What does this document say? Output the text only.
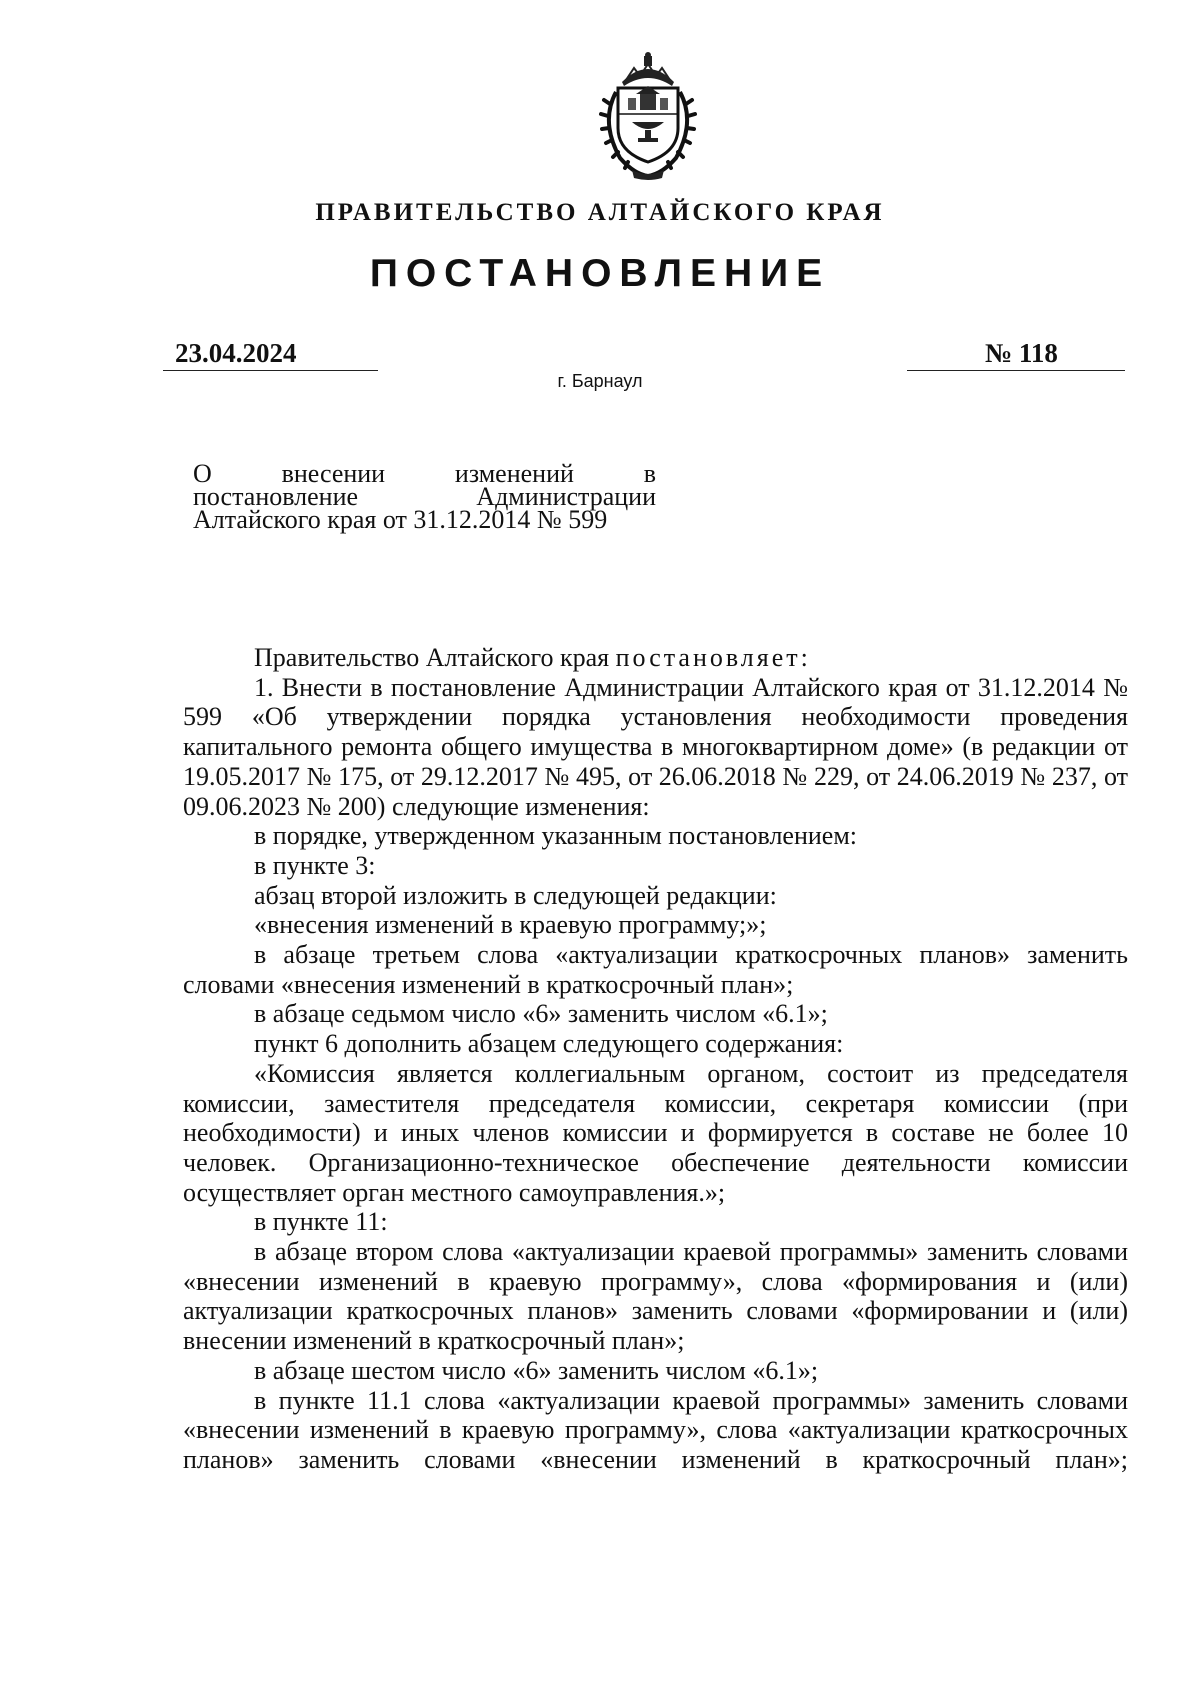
ПРАВИТЕЛЬСТВО АЛТАЙСКОГО КРАЯ
ПОСТАНОВЛЕНИЕ
23.04.2024	№ 118
г. Барнаул
О	внесении	изменений	в
постановление	Администрации
Алтайского края от 31.12.2014 № 599

Правительство Алтайского края постановляет:

1. Внести в постановление Администрации Алтайского края от 31.12.2014 № 599 «Об утверждении порядка установления необходимости проведения капитального ремонта общего имущества в многоквартирном доме» (в редакции от 19.05.2017 № 175, от 29.12.2017 № 495, от 26.06.2018 № 229, от 24.06.2019 № 237, от 09.06.2023 № 200) следующие изменения:

в порядке, утвержденном указанным постановлением:

в пункте 3:

абзац второй изложить в следующей редакции:

«внесения изменений в краевую программу;»;

в абзаце третьем слова «актуализации краткосрочных планов» заменить словами «внесения изменений в краткосрочный план»;

в абзаце седьмом число «6» заменить числом «6.1»;

пункт 6 дополнить абзацем следующего содержания:

«Комиссия является коллегиальным органом, состоит из председателя комиссии, заместителя председателя комиссии, секретаря комиссии (при необходимости) и иных членов комиссии и формируется в составе не более 10 человек. Организационно-техническое обеспечение деятельности комиссии осуществляет орган местного самоуправления.»;

в пункте 11:

в абзаце втором слова «актуализации краевой программы» заменить словами «внесении изменений в краевую программу», слова «формирования и (или) актуализации краткосрочных планов» заменить словами «формировании и (или) внесении изменений в краткосрочный план»;

в абзаце шестом число «6» заменить числом «6.1»;

в пункте 11.1 слова «актуализации краевой программы» заменить словами «внесении изменений в краевую программу», слова «актуализации краткосрочных планов» заменить словами «внесении изменений в краткосрочный план»;
